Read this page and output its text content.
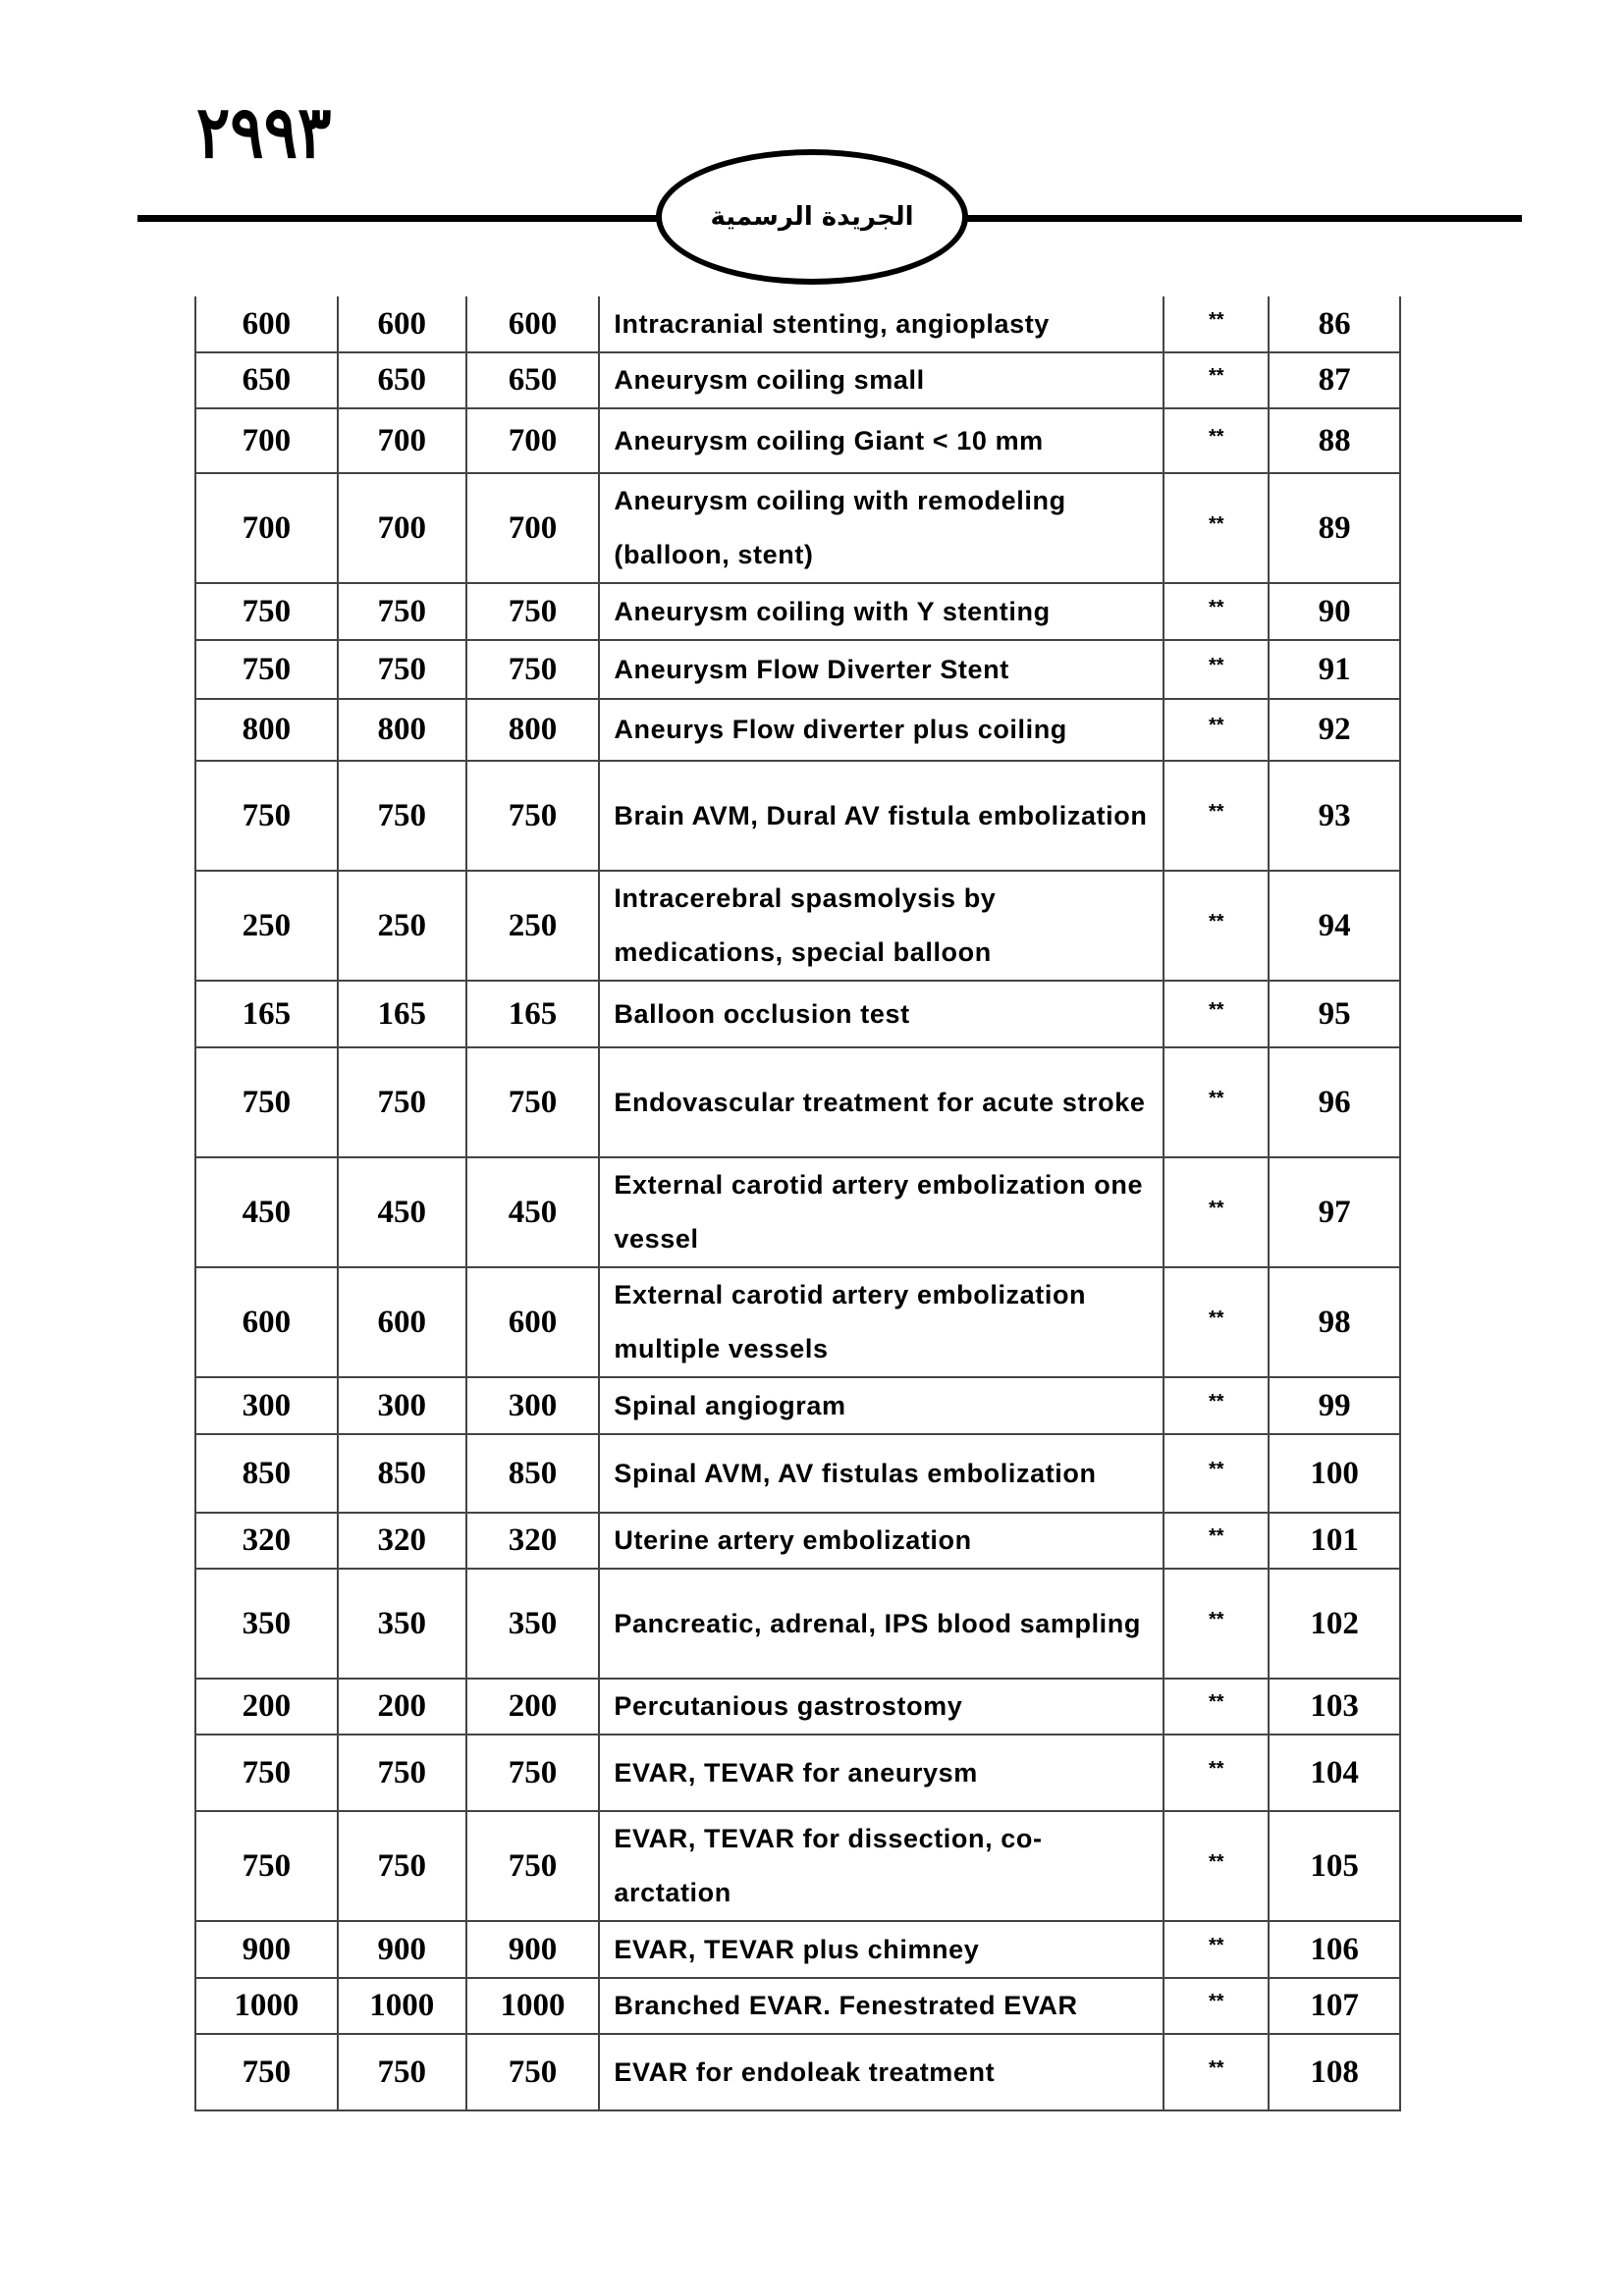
٢٩٩٣
الجريدة الرسمية
600	600	600	Intracranial stenting, angioplasty	**	86
650	650	650	Aneurysm coiling small	**	87
700	700	700	Aneurysm coiling Giant < 10 mm	**	88
700	700	700	Aneurysm coiling with remodeling (balloon, stent)	**	89
750	750	750	Aneurysm coiling with Y stenting	**	90
750	750	750	Aneurysm Flow Diverter Stent	**	91
800	800	800	Aneurys Flow diverter plus coiling	**	92
750	750	750	Brain AVM, Dural AV fistula embolization	**	93
250	250	250	Intracerebral spasmolysis by medications, special balloon	**	94
165	165	165	Balloon occlusion test	**	95
750	750	750	Endovascular treatment for acute stroke	**	96
450	450	450	External carotid artery embolization one vessel	**	97
600	600	600	External carotid artery embolization multiple vessels	**	98
300	300	300	Spinal angiogram	**	99
850	850	850	Spinal AVM, AV fistulas embolization	**	100
320	320	320	Uterine artery embolization	**	101
350	350	350	Pancreatic, adrenal, IPS blood sampling	**	102
200	200	200	Percutanious gastrostomy	**	103
750	750	750	EVAR, TEVAR for aneurysm	**	104
750	750	750	EVAR, TEVAR for dissection, co-arctation	**	105
900	900	900	EVAR, TEVAR plus chimney	**	106
1000	1000	1000	Branched EVAR. Fenestrated EVAR	**	107
750	750	750	EVAR for endoleak treatment	**	108
